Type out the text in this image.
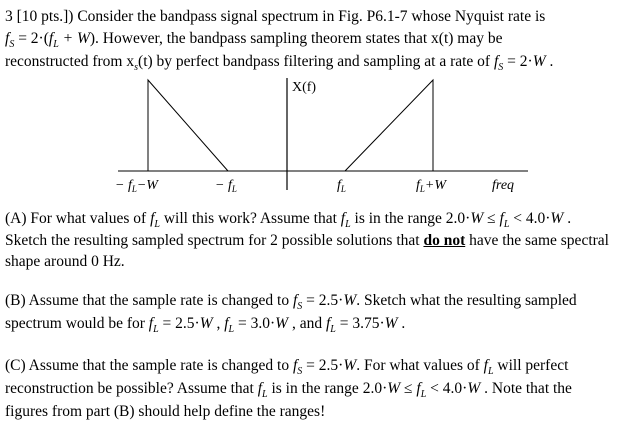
3 [10 pts.]) Consider the bandpass signal spectrum in Fig. P6.1-7 whose Nyquist rate is
$f_S = 2\cdot(f_L + W)$. However, the bandpass sampling theorem states that x(t) may be
reconstructed from $x_s(t)$ by perfect bandpass filtering and sampling at a rate of $f_S = 2\cdot W$ .
X(f)
− $f_L-W$	− $f_L$	$f_L$	$f_L+W$	freq
(A) For what values of $f_L$ will this work? Assume that $f_L$ is in the range $2.0\cdot W \le f_L < 4.0\cdot W$ .
Sketch the resulting sampled spectrum for 2 possible solutions that do not have the same spectral
shape around 0 Hz.
(B) Assume that the sample rate is changed to $f_S = 2.5\cdot W$. Sketch what the resulting sampled
spectrum would be for $f_L = 2.5\cdot W$ , $f_L = 3.0\cdot W$ , and $f_L = 3.75\cdot W$ .
(C) Assume that the sample rate is changed to $f_S = 2.5\cdot W$. For what values of $f_L$ will perfect
reconstruction be possible? Assume that $f_L$ is in the range $2.0\cdot W \le f_L < 4.0\cdot W$ . Note that the
figures from part (B) should help define the ranges!
